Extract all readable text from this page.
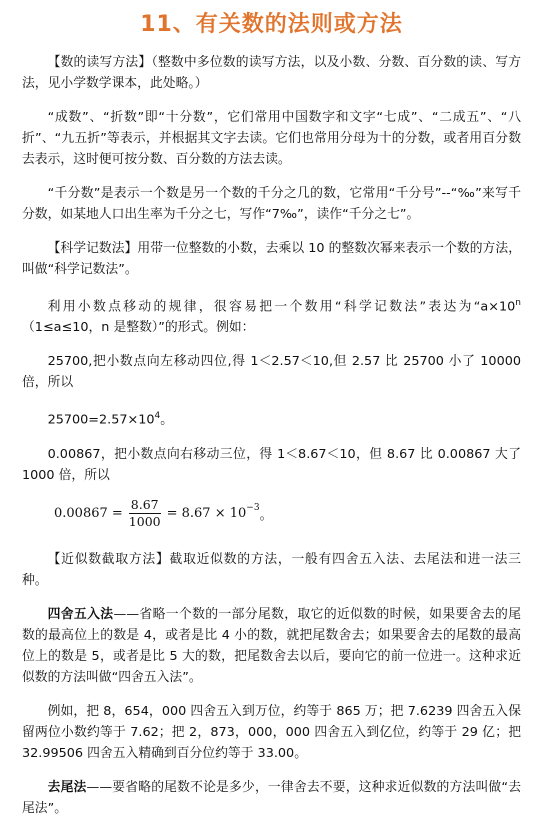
11、有关数的法则或方法

【数的读写方法】（整数中多位数的读写方法，以及小数、分数、百分数的读、写方法，见小学数学课本，此处略。）

“成数”、“折数”即“十分数”，它们常用中国数字和文字“七成”、“二成五”、“八折”、“九五折”等表示，并根据其文字去读。它们也常用分母为十的分数，或者用百分数去表示，这时便可按分数、百分数的方法去读。

“千分数”是表示一个数是另一个数的千分之几的数，它常用“千分号”--“‰”来写千分数，如某地人口出生率为千分之七，写作“7‰”，读作“千分之七”。

【科学记数法】用带一位整数的小数，去乘以 10 的整数次幂来表示一个数的方法，叫做“科学记数法”。

利用小数点移动的规律，很容易把一个数用“科学记数法”表达为“$a\times 10^n(1\le a\le 10$，n 是整数）”的形式。例如：

25700,把小数点向左移动四位,得 1＜2.57＜10,但 2.57 比 25700 小了 10000 倍，所以

$25700=2.57\times 10^4$。

0.00867，把小数点向右移动三位，得 1＜8.67＜10，但 8.67 比 0.00867 大了 1000 倍，所以

$0.00867 = \frac{8.67}{1000} = 8.67 \times 10^{-3}$
。

【近似数截取方法】截取近似数的方法，一般有四舍五入法、去尾法和进一法三种。

四舍五入法——省略一个数的一部分尾数，取它的近似数的时候，如果要舍去的尾数的最高位上的数是 4，或者是比 4 小的数，就把尾数舍去；如果要舍去的尾数的最高位上的数是 5，或者是比 5 大的数，把尾数舍去以后，要向它的前一位进一。这种求近似数的方法叫做“四舍五入法”。

例如，把 8，654，000 四舍五入到万位，约等于 865 万；把 7.6239 四舍五入保留两位小数约等于 7.62；把 2，873，000，000 四舍五入到亿位，约等于 29 亿；把 32.99506 四舍五入精确到百分位约等于 33.00。

去尾法——要省略的尾数不论是多少，一律舍去不要，这种求近似数的方法叫做“去尾法”。
